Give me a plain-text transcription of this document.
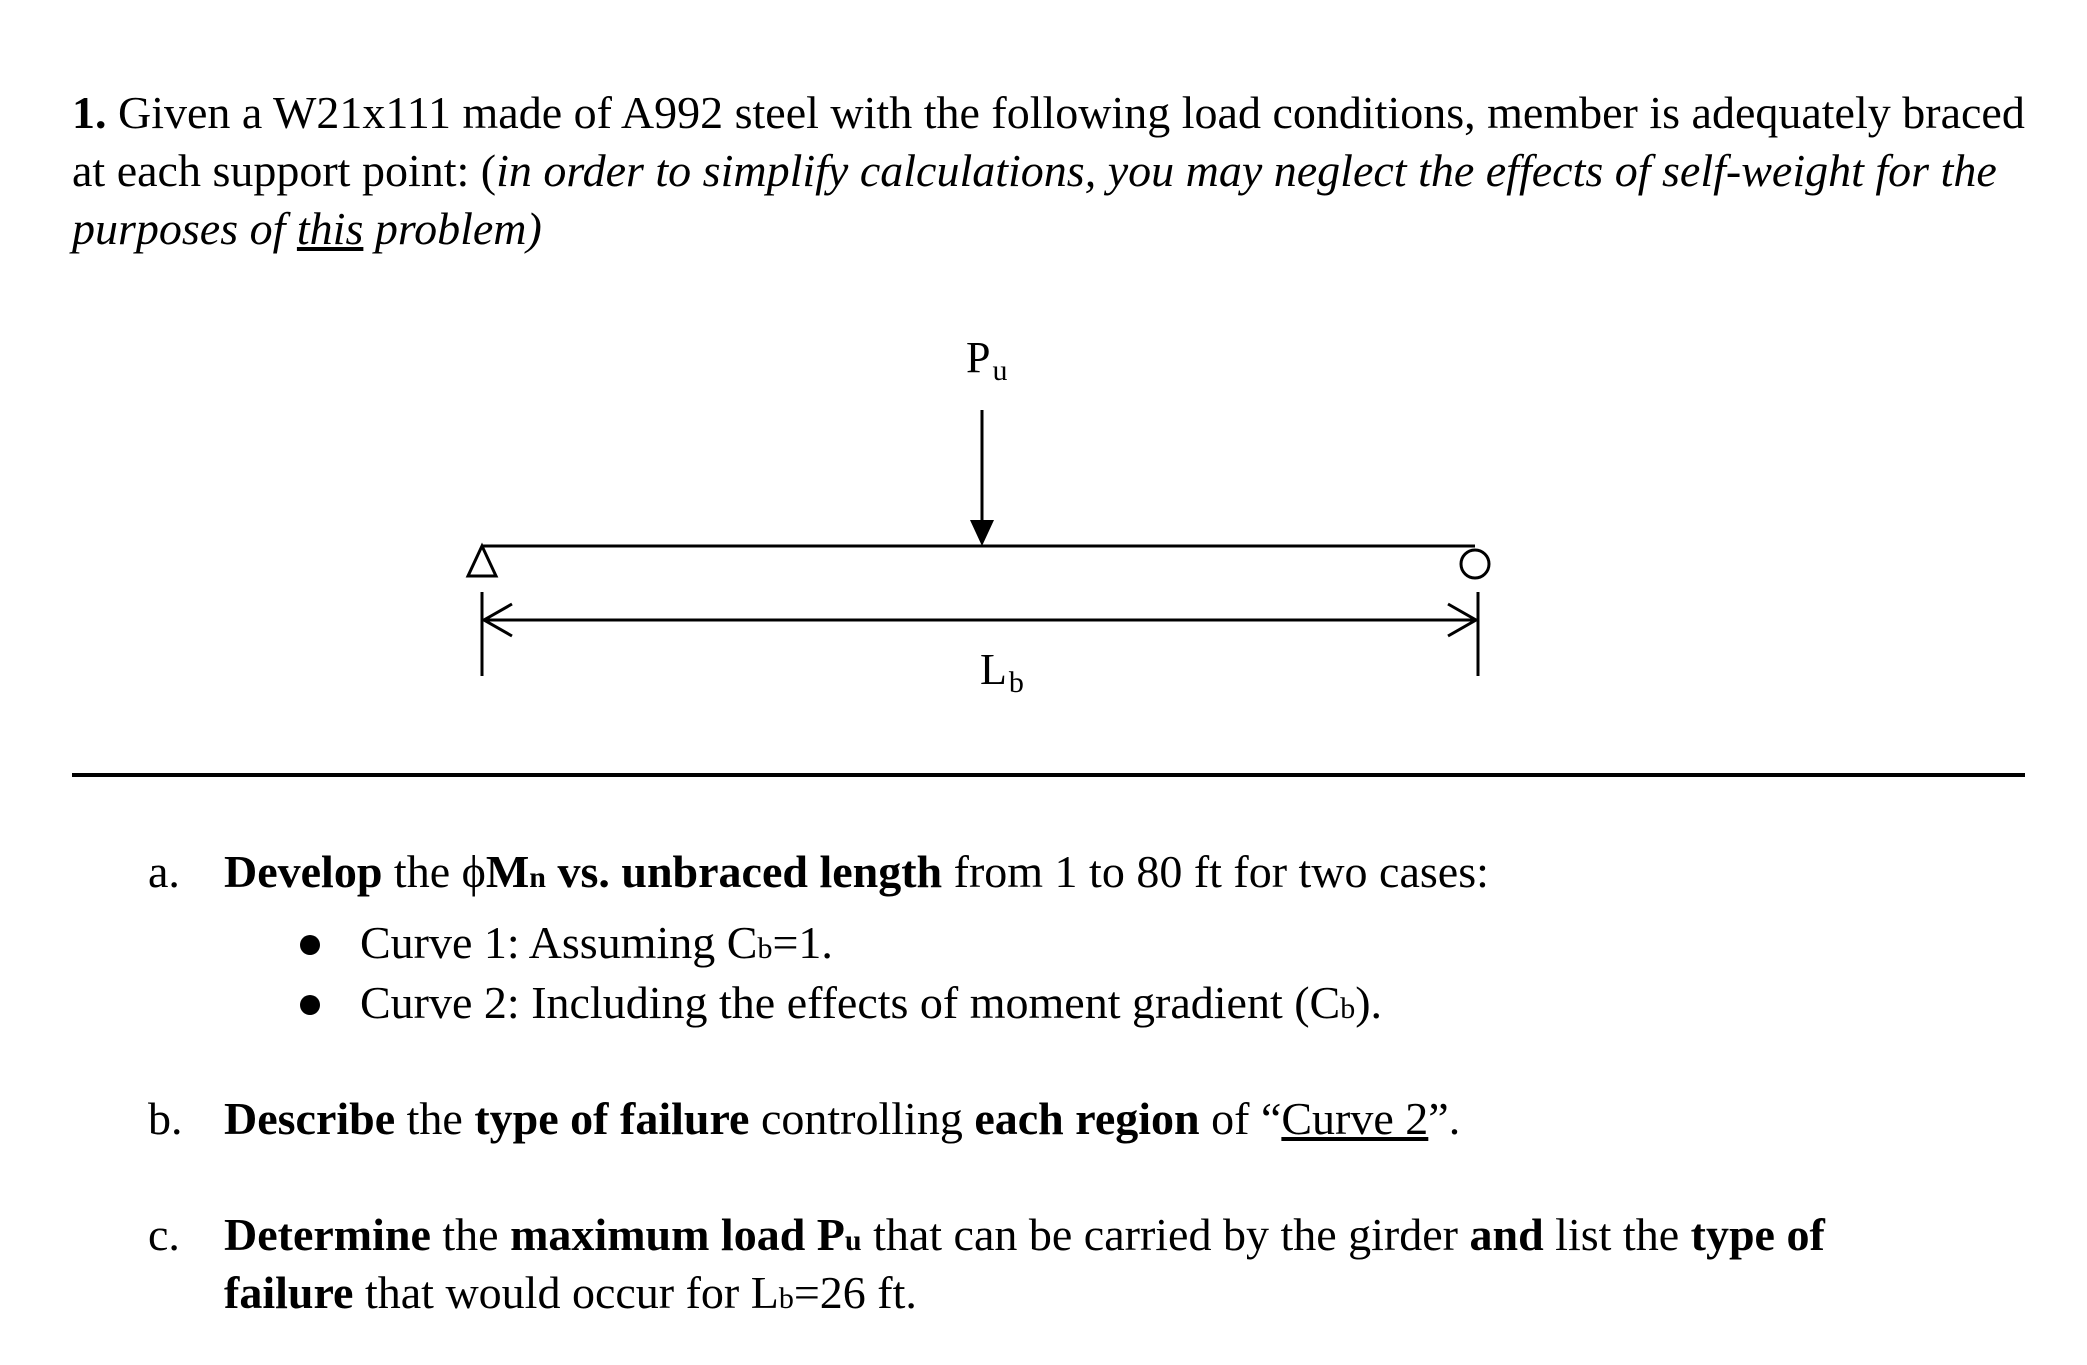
1. Given a W21x111 made of A992 steel with the following load conditions, member is adequately braced at each support point: (in order to simplify calculations, you may neglect the effects of self-weight for the purposes of this problem)

Pu
Lb
a. Develop the ϕMn vs. unbraced length from 1 to 80 ft for two cases:
Curve 1: Assuming Cb=1.
Curve 2: Including the effects of moment gradient (Cb).
b. Describe the type of failure controlling each region of “Curve 2”.
c. Determine the maximum load Pu that can be carried by the girder and list the type of
failure that would occur for Lb=26 ft.
